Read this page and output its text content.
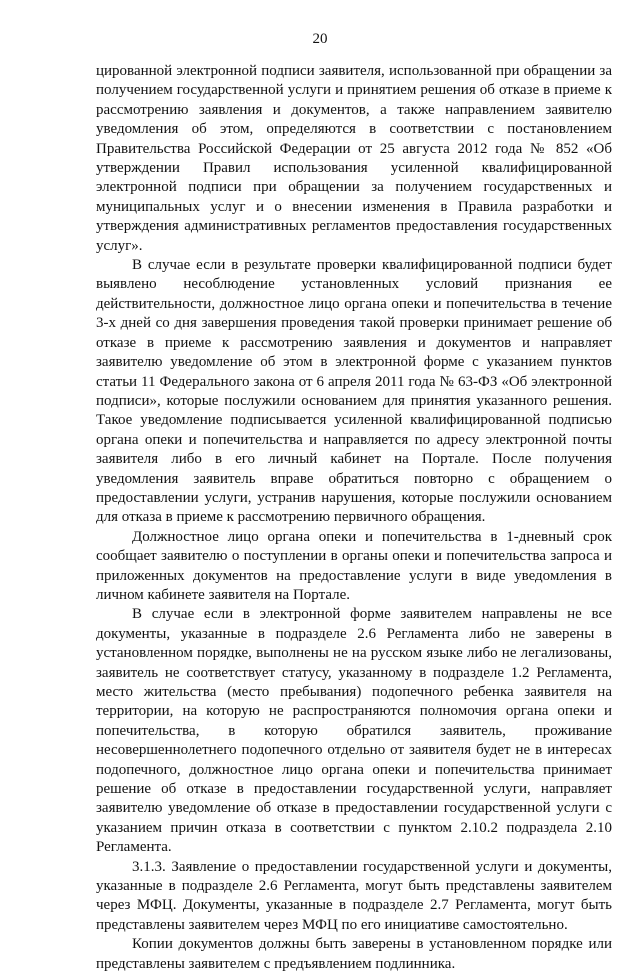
20

цированной электронной подписи заявителя, использованной при обращении за получением государственной услуги и принятием решения об отказе в приеме к рассмотрению заявления и документов, а также направлением заявителю уведомления об этом, определяются в соответствии с постановлением Правительства Российской Федерации от 25 августа 2012 года № 852 «Об утверждении Правил использования усиленной квалифицированной электронной подписи при обращении за получением государственных и муниципальных услуг и о внесении изменения в Правила разработки и утверждения административных регламентов предоставления государственных услуг».

В случае если в результате проверки квалифицированной подписи будет выявлено несоблюдение установленных условий признания ее действительности, должностное лицо органа опеки и попечительства в течение 3-х дней со дня завершения проведения такой проверки принимает решение об отказе в приеме к рассмотрению заявления и документов и направляет заявителю уведомление об этом в электронной форме с указанием пунктов статьи 11 Федерального закона от 6 апреля 2011 года № 63-ФЗ «Об электронной подписи», которые послужили основанием для принятия указанного решения. Такое уведомление подписывается усиленной квалифицированной подписью органа опеки и попечительства и направляется по адресу электронной почты заявителя либо в его личный кабинет на Портале. После получения уведомления заявитель вправе обратиться повторно с обращением о предоставлении услуги, устранив нарушения, которые послужили основанием для отказа в приеме к рассмотрению первичного обращения.

Должностное лицо органа опеки и попечительства в 1-дневный срок сообщает заявителю о поступлении в органы опеки и попечительства запроса и приложенных документов на предоставление услуги в виде уведомления в личном кабинете заявителя на Портале.

В случае если в электронной форме заявителем направлены не все документы, указанные в подразделе 2.6 Регламента либо не заверены в установленном порядке, выполнены не на русском языке либо не легализованы, заявитель не соответствует статусу, указанному в подразделе 1.2 Регламента, место жительства (место пребывания) подопечного ребенка заявителя на территории, на которую не распространяются полномочия органа опеки и попечительства, в которую обратился заявитель, проживание несовершеннолетнего подопечного отдельно от заявителя будет не в интересах подопечного, должностное лицо органа опеки и попечительства принимает решение об отказе в предоставлении государственной услуги, направляет заявителю уведомление об отказе в предоставлении государственной услуги с указанием причин отказа в соответствии с пунктом 2.10.2 подраздела 2.10 Регламента.

3.1.3. Заявление о предоставлении государственной услуги и документы, указанные в подразделе 2.6 Регламента, могут быть представлены заявителем через МФЦ. Документы, указанные в подразделе 2.7 Регламента, могут быть представлены заявителем через МФЦ по его инициативе самостоятельно.

Копии документов должны быть заверены в установленном порядке или представлены заявителем с предъявлением подлинника.
